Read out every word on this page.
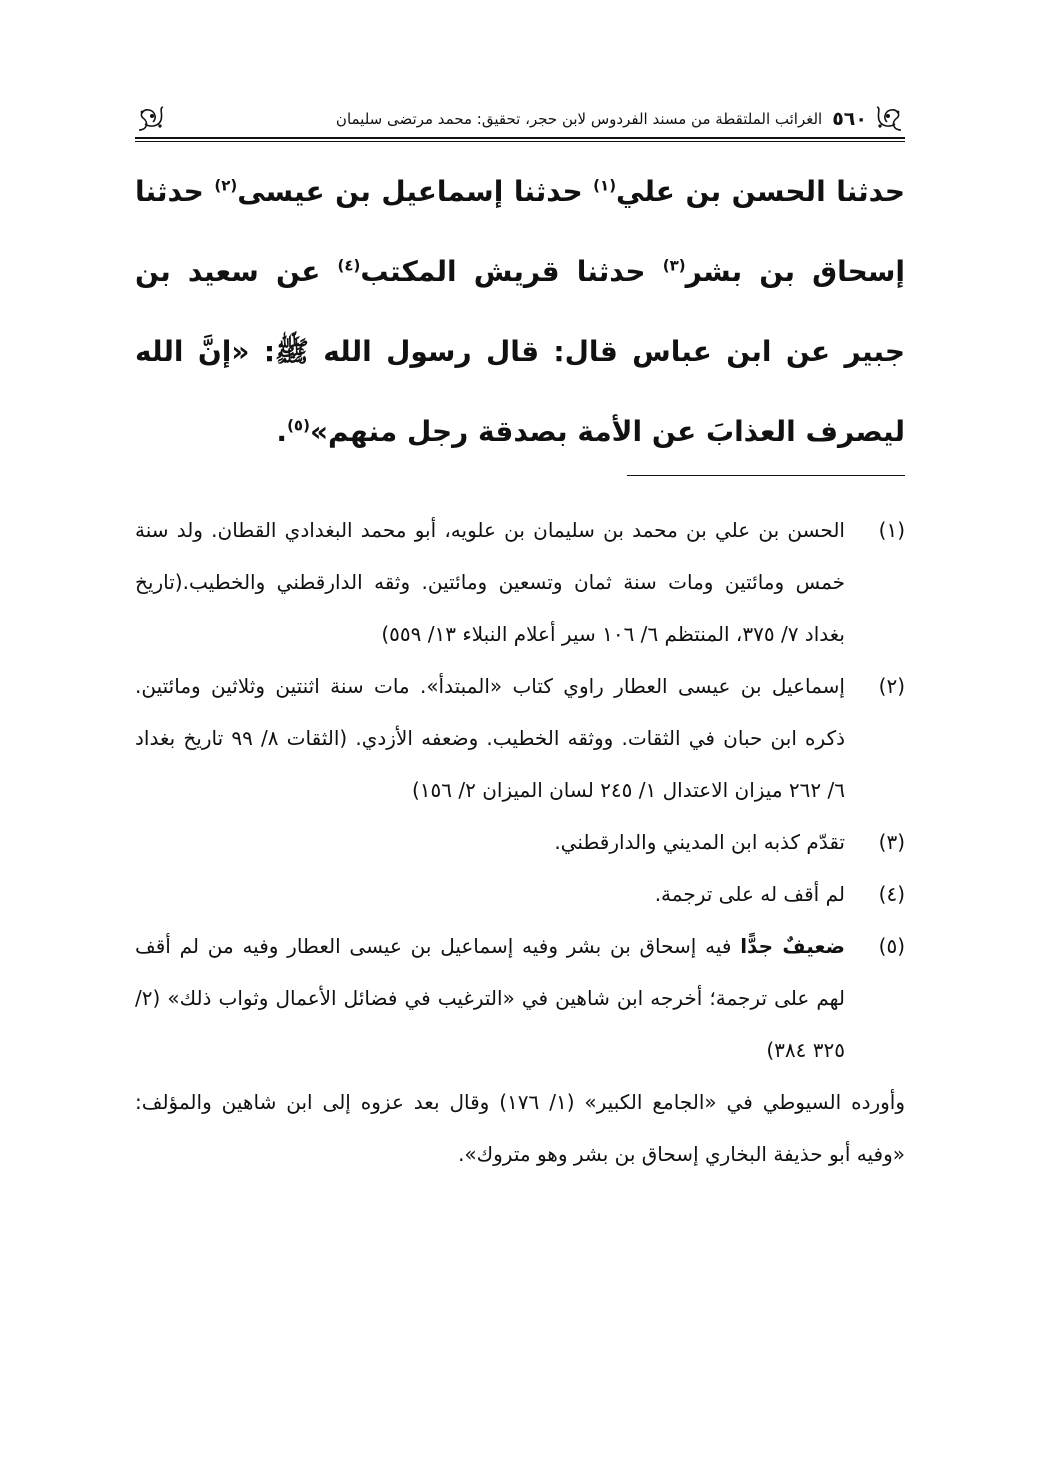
٥٦٠
الغرائب الملتقطة من مسند الفردوس لابن حجر، تحقيق: محمد مرتضى سليمان

حدثنا الحسن بن علي$^{(١)}$ حدثنا إسماعيل بن عيسى$^{(٢)}$ حدثنا إسحاق بن بشر$^{(٣)}$ حدثنا قريش المكتب$^{(٤)}$ عن سعيد بن جبير عن ابن عباس قال: قال رسول الله ﷺ: «إنَّ الله ليصرف العذابَ عن الأمة بصدقة رجل منهم»$^{(٥)}$.

(١)
الحسن بن علي بن محمد بن سليمان بن علويه، أبو محمد البغدادي القطان. ولد سنة خمس ومائتين ومات سنة ثمان وتسعين ومائتين. وثقه الدارقطني والخطيب.(تاريخ بغداد ٧/ ٣٧٥، المنتظم ٦/ ١٠٦ سير أعلام النبلاء ١٣/ ٥٥٩)
(٢)
إسماعيل بن عيسى العطار راوي كتاب «المبتدأ». مات سنة اثنتين وثلاثين ومائتين. ذكره ابن حبان في الثقات. ووثقه الخطيب. وضعفه الأزدي. (الثقات ٨/ ٩٩ تاريخ بغداد ٦/ ٢٦٢ ميزان الاعتدال ١/ ٢٤٥ لسان الميزان ٢/ ١٥٦)
(٣)
تقدّم كذبه ابن المديني والدارقطني.
(٤)
لم أقف له على ترجمة.
(٥)
ضعيفٌ جدًّا فيه إسحاق بن بشر وفيه إسماعيل بن عيسى العطار وفيه من لم أقف لهم على ترجمة؛ أخرجه ابن شاهين في «الترغيب في فضائل الأعمال وثواب ذلك» (٢/ ٣٢٥ ٣٨٤)

وأورده السيوطي في «الجامع الكبير» (١/ ١٧٦) وقال بعد عزوه إلى ابن شاهين والمؤلف: «وفيه أبو حذيفة البخاري إسحاق بن بشر وهو متروك».
